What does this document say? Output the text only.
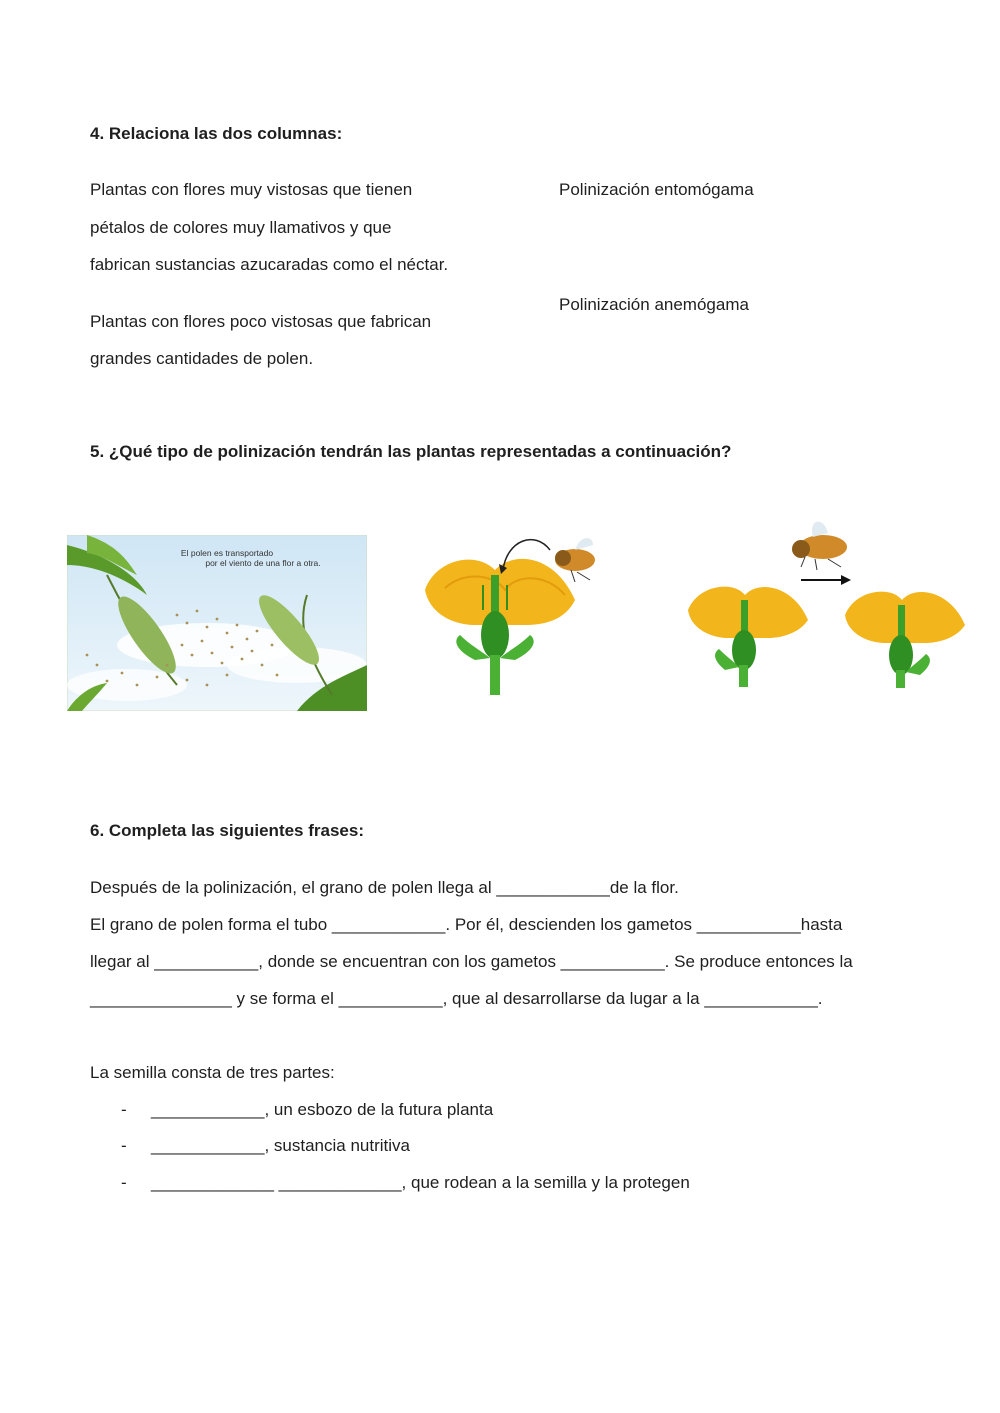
4. Relaciona las dos columnas:
Plantas con flores muy vistosas que tienen
pétalos de colores muy llamativos y que
fabrican sustancias azucaradas como el néctar.
Plantas con flores poco vistosas que fabrican
grandes cantidades de polen.
Polinización entomógama
Polinización anemógama
5. ¿Qué tipo de polinización tendrán las plantas representadas a continuación?
El polen es transportado
por el viento de una flor a otra.
6. Completa las siguientes frases:
Después de la polinización, el grano de polen llega al ____________de la flor.
El grano de polen forma el tubo ____________. Por él, descienden los gametos ___________hasta
llegar al ___________, donde se encuentran con los gametos ___________. Se produce entonces la
_______________ y se forma el ___________, que al desarrollarse da lugar a la ____________.
La semilla consta de tres partes:
- ____________, un esbozo de la futura planta
- ____________, sustancia nutritiva
- _____________ _____________, que rodean a la semilla y la protegen
